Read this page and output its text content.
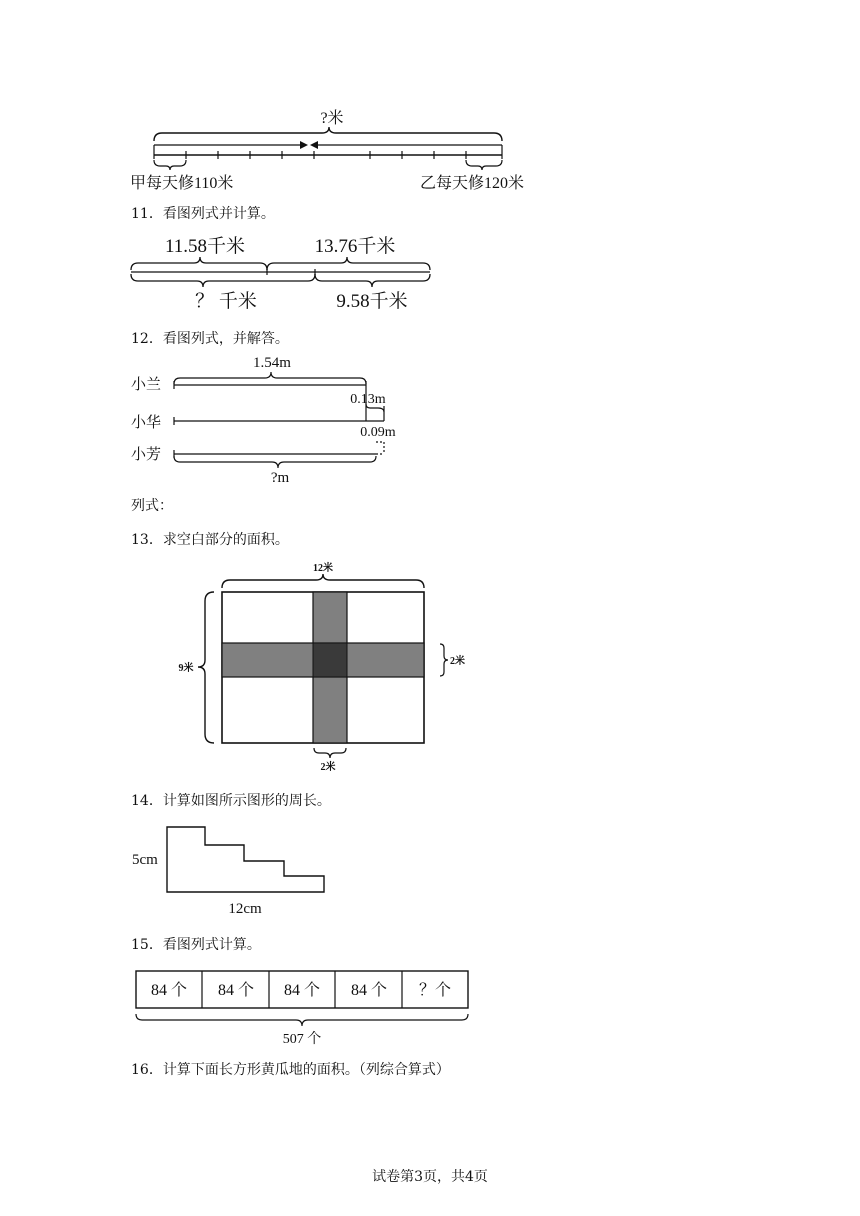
?米
甲每天修110米	乙每天修120米
11．看图列式并计算。
11.58千米	13.76千米
？ 千米	9.58千米
12．看图列式，并解答。
1.54m
小兰
0.13m
小华
0.09m
小芳
?m
列式：
13．求空白部分的面积。
12米
9米
2米
2米
14．计算如图所示图形的周长。
5cm
12cm
15．看图列式计算。
84 个 84 个 84 个 84 个 ？个
507 个
16．计算下面长方形黄瓜地的面积。（列综合算式）
试卷第3页，共4页
